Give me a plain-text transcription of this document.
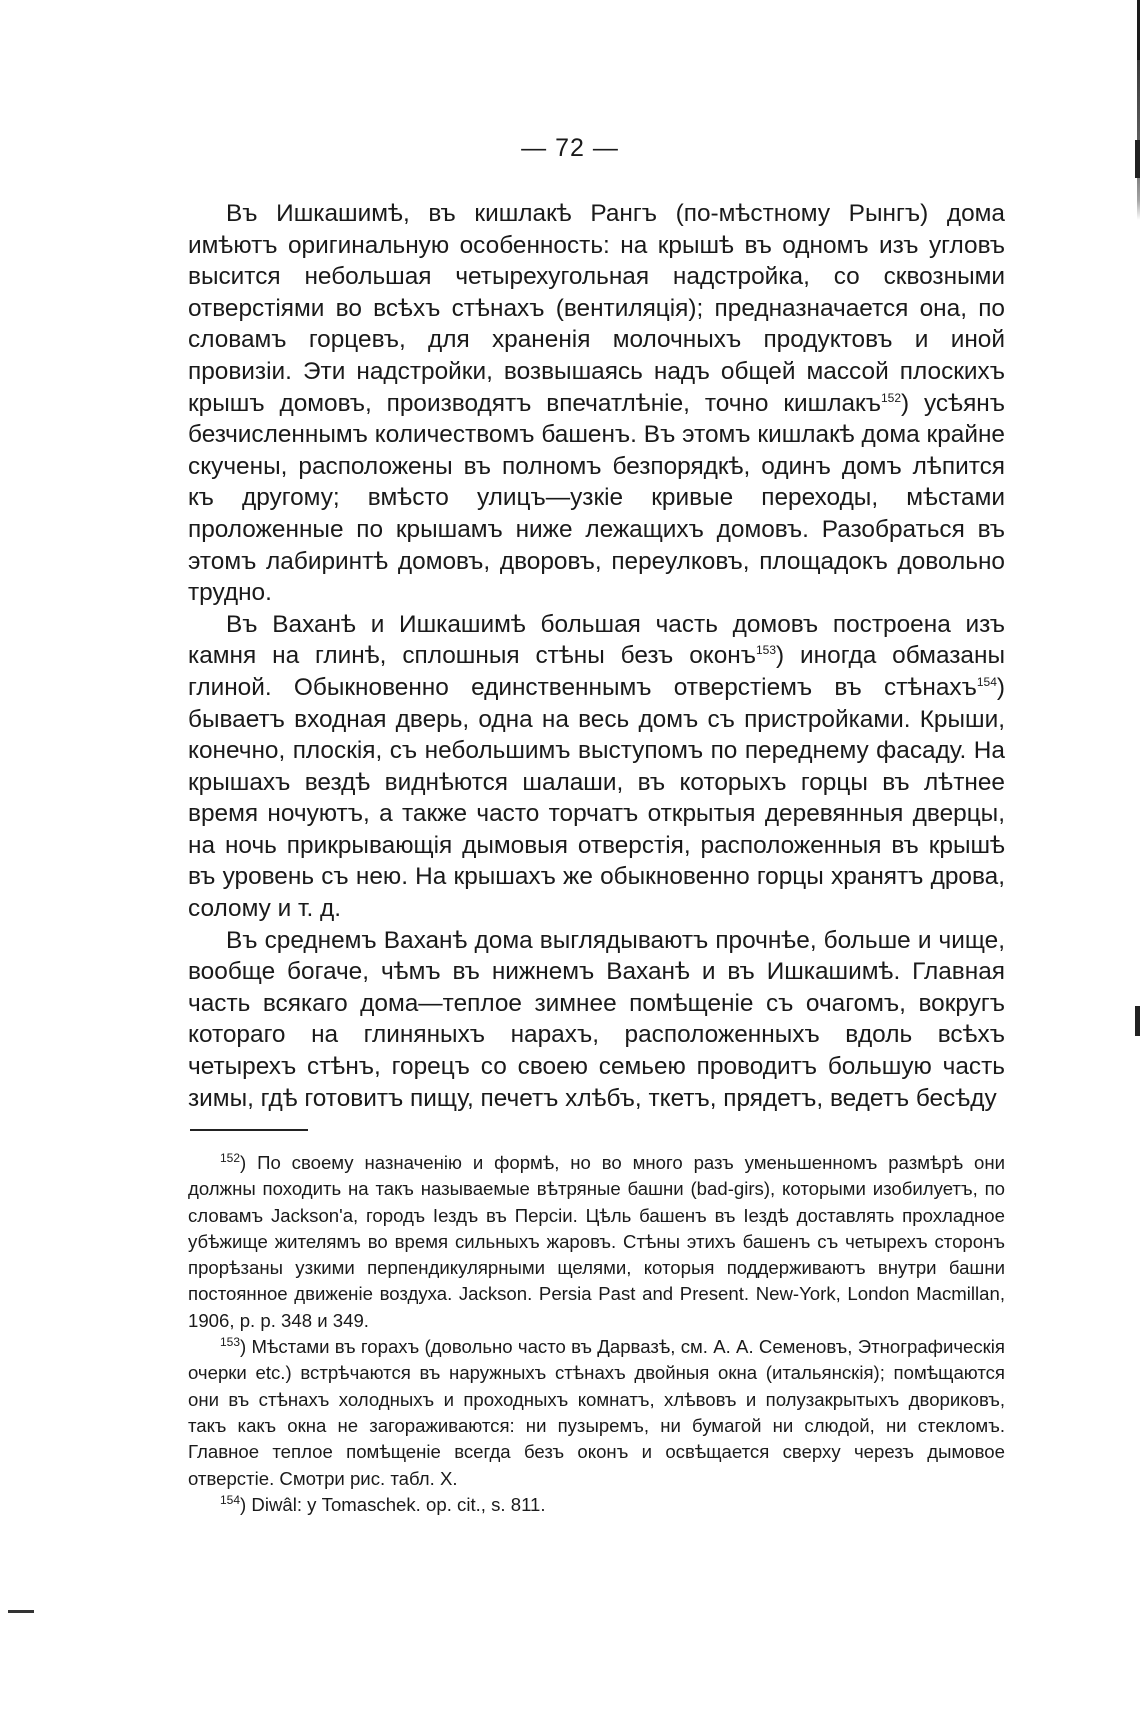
— 72 —

Въ Ишкашимѣ, въ кишлакѣ Рангъ (по-мѣстному Рынгъ) дома имѣютъ оригинальную особенность: на крышѣ въ одномъ изъ угловъ высится небольшая четырехугольная надстройка, со сквозными отверстіями во всѣхъ стѣнахъ (вентиляція); предназначается она, по словамъ горцевъ, для храненія молочныхъ продуктовъ и иной провизіи. Эти надстройки, возвышаясь надъ общей массой плоскихъ крышъ домовъ, производятъ впечатлѣніе, точно кишлакъ$^{152}$) усѣянъ безчисленнымъ количествомъ башенъ. Въ этомъ кишлакѣ дома крайне скучены, расположены въ полномъ безпорядкѣ, одинъ домъ лѣпится къ другому; вмѣсто улицъ—узкіе кривые переходы, мѣстами проложенные по крышамъ ниже лежащихъ домовъ. Разобраться въ этомъ лабиринтѣ домовъ, дворовъ, переулковъ, площадокъ довольно трудно.

Въ Ваханѣ и Ишкашимѣ большая часть домовъ построена изъ камня на глинѣ, сплошныя стѣны безъ оконъ$^{153}$) иногда обмазаны глиной. Обыкновенно единственнымъ отверстіемъ въ стѣнахъ$^{154}$) бываетъ входная дверь, одна на весь домъ съ пристройками. Крыши, конечно, плоскія, съ небольшимъ выступомъ по переднему фасаду. На крышахъ вездѣ виднѣются шалаши, въ которыхъ горцы въ лѣтнее время ночуютъ, а также часто торчатъ открытыя деревянныя дверцы, на ночь прикрывающія дымовыя отверстія, расположенныя въ крышѣ въ уровень съ нею. На крышахъ же обыкновенно горцы хранятъ дрова, солому и т. д.

Въ среднемъ Ваханѣ дома выглядываютъ прочнѣе, больше и чище, вообще богаче, чѣмъ въ нижнемъ Ваханѣ и въ Ишкашимѣ. Главная часть всякаго дома—теплое зимнее помѣщеніе съ очагомъ, вокругъ котораго на глиняныхъ нарахъ, расположенныхъ вдоль всѣхъ четырехъ стѣнъ, горецъ со своею семьею проводитъ большую часть зимы, гдѣ готовитъ пищу, печетъ хлѣбъ, ткетъ, прядетъ, ведетъ бесѣду

$^{152}$) По своему назначенію и формѣ, но во много разъ уменьшенномъ размѣрѣ они должны походить на такъ называемые вѣтряные башни (bad-girs), которыми изобилуетъ, по словамъ Jackson'a, городъ Іездъ въ Персіи. Цѣль башенъ въ Іездѣ доставлять прохладное убѣжище жителямъ во время сильныхъ жаровъ. Стѣны этихъ башенъ съ четырехъ сторонъ прорѣзаны узкими перпендикулярными щелями, которыя поддерживаютъ внутри башни постоянное движеніе воздуха. Jackson. Persia Past and Present. New-York, London Macmillan, 1906, p. p. 348 и 349.

$^{153}$) Мѣстами въ горахъ (довольно часто въ Дарвазѣ, см. А. А. Семеновъ, Этнографическія очерки etc.) встрѣчаются въ наружныхъ стѣнахъ двойныя окна (итальянскія); помѣщаются они въ стѣнахъ холодныхъ и проходныхъ комнатъ, хлѣвовъ и полузакрытыхъ двориковъ, такъ какъ окна не загораживаются: ни пузыремъ, ни бумагой ни слюдой, ни стекломъ. Главное теплое помѣщеніе всегда безъ оконъ и освѣщается сверху черезъ дымовое отверстіе. Смотри рис. табл. X.

$^{154}$) Diwâl: у Tomaschek. op. cit., s. 811.
